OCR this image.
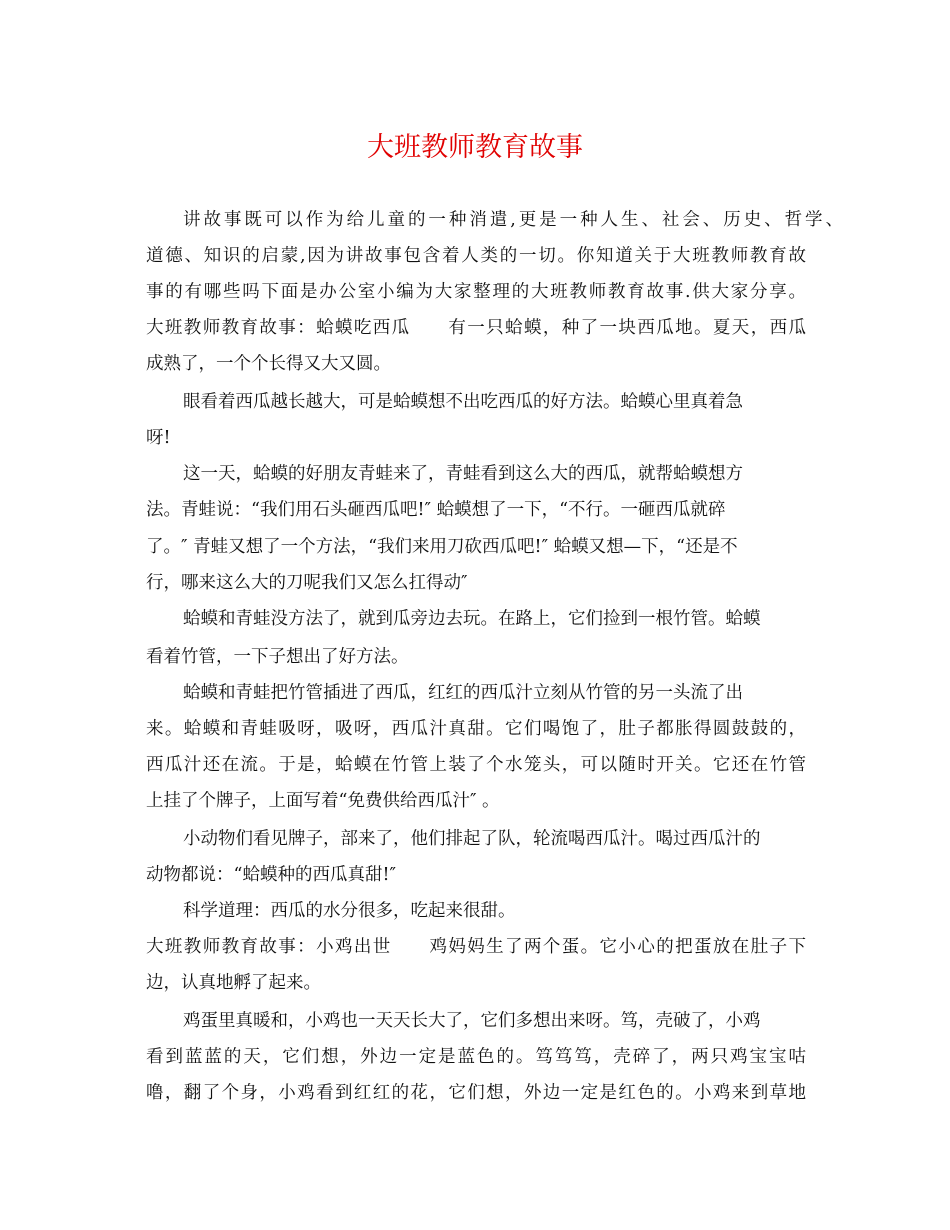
大班教师教育故事
讲故事既可以作为给儿童的一种消遣,更是一种人生、社会、历史、哲学、
道德、知识的启蒙,因为讲故事包含着人类的一切。你知道关于大班教师教育故
事的有哪些吗下面是办公室小编为大家整理的大班教师教育故事.供大家分享。
大班教师教育故事：蛤蟆吃西瓜　　有一只蛤蟆，种了一块西瓜地。夏天，西瓜
成熟了，一个个长得又大又圆。
眼看着西瓜越长越大，可是蛤蟆想不出吃西瓜的好方法。蛤蟆心里真着急
呀!
这一天，蛤蟆的好朋友青蛙来了，青蛙看到这么大的西瓜，就帮蛤蟆想方
法。青蛙说：“我们用石头砸西瓜吧!″ 蛤蟆想了一下，“不行。一砸西瓜就碎
了。″ 青蛙又想了一个方法，“我们来用刀砍西瓜吧!″ 蛤蟆又想—下，“还是不
行，哪来这么大的刀呢我们又怎么扛得动″
蛤蟆和青蛙没方法了，就到瓜旁边去玩。在路上，它们捡到一根竹管。蛤蟆
看着竹管，一下子想出了好方法。
蛤蟆和青蛙把竹管插进了西瓜，红红的西瓜汁立刻从竹管的另一头流了出
来。蛤蟆和青蛙吸呀，吸呀，西瓜汁真甜。它们喝饱了，肚子都胀得圆鼓鼓的，
西瓜汁还在流。于是，蛤蟆在竹管上装了个水笼头，可以随时开关。它还在竹管
上挂了个牌子，上面写着“免费供给西瓜汁″ 。
小动物们看见牌子，部来了，他们排起了队，轮流喝西瓜汁。喝过西瓜汁的
动物都说：“蛤蟆种的西瓜真甜!″
科学道理：西瓜的水分很多，吃起来很甜。
大班教师教育故事：小鸡出世　　鸡妈妈生了两个蛋。它小心的把蛋放在肚子下
边，认真地孵了起来。
鸡蛋里真暖和，小鸡也一天天长大了，它们多想出来呀。笃，壳破了，小鸡
看到蓝蓝的天，它们想，外边一定是蓝色的。笃笃笃，壳碎了，两只鸡宝宝咕
噜，翻了个身，小鸡看到红红的花，它们想，外边一定是红色的。小鸡来到草地
